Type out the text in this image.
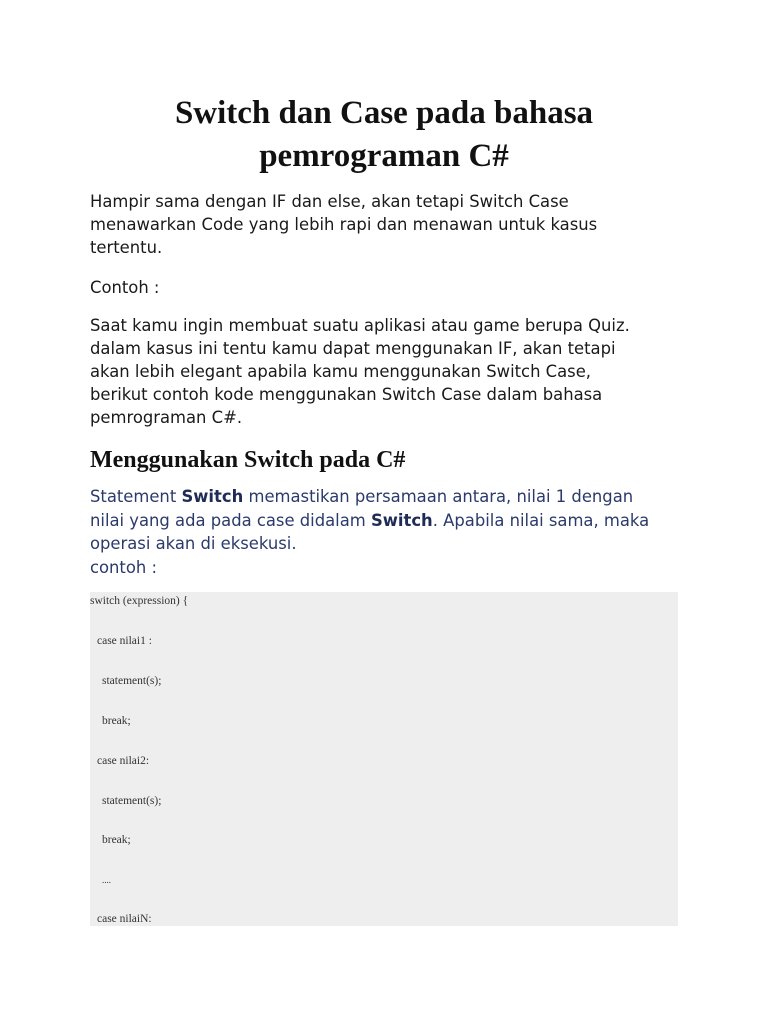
Switch dan Case pada bahasa
pemrograman C#

Hampir sama dengan IF dan else, akan tetapi Switch Case
menawarkan Code yang lebih rapi dan menawan untuk kasus
tertentu.

Contoh :

Saat kamu ingin membuat suatu aplikasi atau game berupa Quiz.
dalam kasus ini tentu kamu dapat menggunakan IF, akan tetapi
akan lebih elegant apabila kamu menggunakan Switch Case,
berikut contoh kode menggunakan Switch Case dalam bahasa
pemrograman C#.

Menggunakan Switch pada C#

Statement Switch memastikan persamaan antara, nilai 1 dengan
nilai yang ada pada case didalam Switch. Apabila nilai sama, maka
operasi akan di eksekusi.
contoh :

switch (expression) {

case nilai1 :

statement(s);

break;

case nilai2:

statement(s);

break;

....

case nilaiN:
